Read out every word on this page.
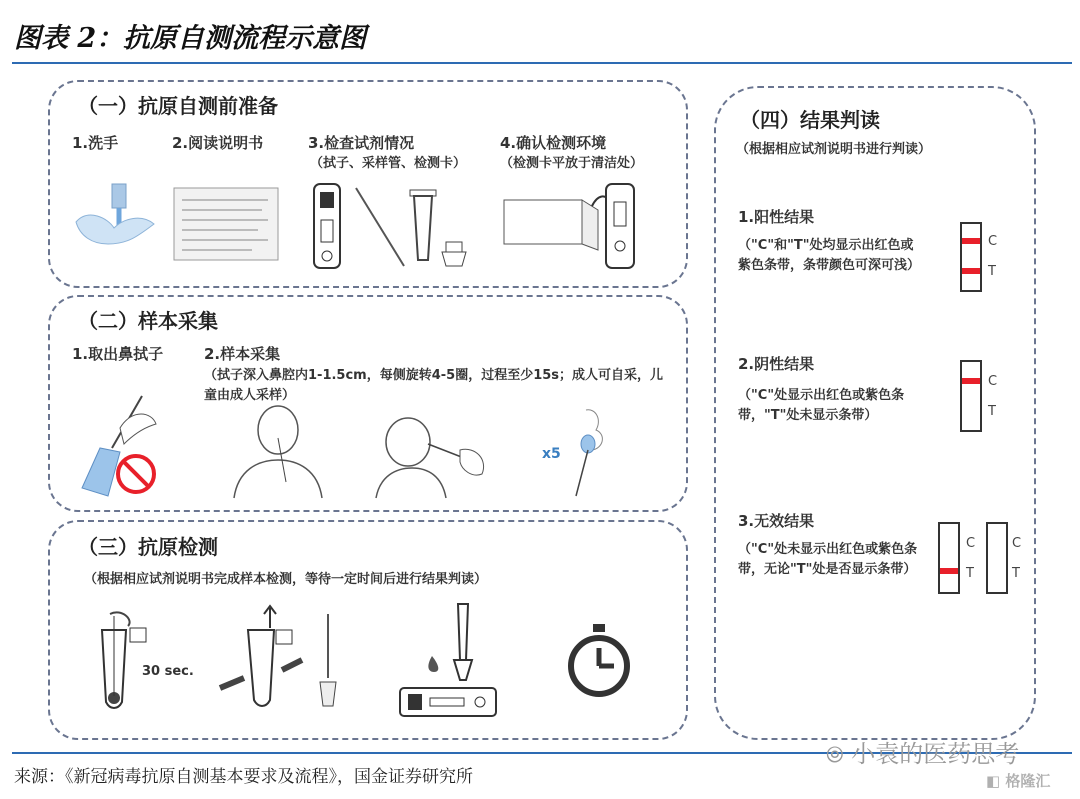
图表 2：抗原自测流程示意图
（一）抗原自测前准备
1.洗手	2.阅读说明书	3.检查试剂情况
（拭子、采样管、检测卡）
4.确认检测环境
（检测卡平放于清洁处）
（二）样本采集
1.取出鼻拭子	2.样本采集
（拭子深入鼻腔内1-1.5cm，每侧旋转4-5圈，过程至少15s；成人可自采，儿童由成人采样）
x5
（三）抗原检测
（根据相应试剂说明书完成样本检测，等待一定时间后进行结果判读）
30 sec.
（四）结果判读
（根据相应试剂说明书进行判读）
1.阳性结果
（"C"和"T"处均显示出红色或紫色条带，条带颜色可深可浅）
2.阴性结果
（"C"处显示出红色或紫色条带，"T"处未显示条带）
3.无效结果
（"C"处未显示出红色或紫色条带，无论"T"处是否显示条带）
C
T
C
T
C
T
C
T
来源：《新冠病毒抗原自测基本要求及流程》，国金证券研究所
⦾ 小袁的医药思考
◧ 格隆汇
